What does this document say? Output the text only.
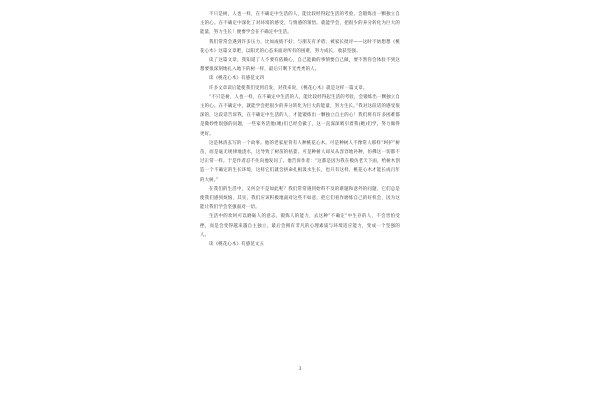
不只是树，人也一样，在不确定中生活的人，能比较经得起生活的考验，会锻炼出一颗独立自主的心。在不确定中深化了对环境的感受，与情感的领悟。就能学会，把很少的养分转化为巨大的能量，努力生长！便要学会在不确定中生活。

我们常常会遇到许多压力，比如成绩不好；与朋友有矛盾；被家长批评——这时不妨想想《桃花心木》这篇文章吧，以阳光的心态来面对所有的困难，努力成长，收获坚强。

读了这篇文章，我知道了人不要有依赖心，自己能做的事情要自己做，要不然你会体验不到这想要很深刻地扎入地下的树一样，最后只剩下光秃秃的人。

读《桃花心木》有感范文四

许多文章读后能使我们受到启发，对我来说，《桃花心木》就是这样一篇文章。

“不只是树，人也一样，在不确定中生活的人，能比较经得起生活的考验，会锻炼出一颗独立自主的心。在不确定中，就能学会把很少的养分转化为巨大的能量，努力生长。”我对这段话的感受很深的，这段话告诉我，在不确定中生活的人，才能锻炼出一颗独立自主的心！我们将有许多困难都是微妙性很强的问题，一些家务活他(她)们已经会做了，这一直深深吸引着我(她)们学，努力做得更好。

这是林清玄写的一个故事。他的老家屋背有人种桃花心木。可是种树人不像常人那样“呵护”树苗，而是毫无规律地浇水，这导致了树苗的枯萎。可是种树人却从从容容地补种，仿佛这一切都不过正常一样。于是作者忍不住向他发问了。他告诉作者：“这都是因为我在模仿老天下雨，给树木创造一个不确定的生长环境，这样它们就会拼命扎根汲水生长，也只有这样，桃花心木才能长成百年的大树。”

在我们的生活中，又何尝不是如此呢？我们常常遇到始料不及的难题和意外的问题，它们总是使我们感到烦恼，其实，我们应该积极地面对这些不如意，把它们看作磨炼自己的好机会，因为这能让我们学会坚强面对一切。

生活中的坎坷可以磨砺人的意志，锻炼人的能力，去这种“不确定”中生存的人，不会害怕受挫，而是会变得越来越自主独立，最后会拥有非凡的心理素质与环境适应能力，变成一个坚强的人。

读《桃花心木》有感范文五

3
